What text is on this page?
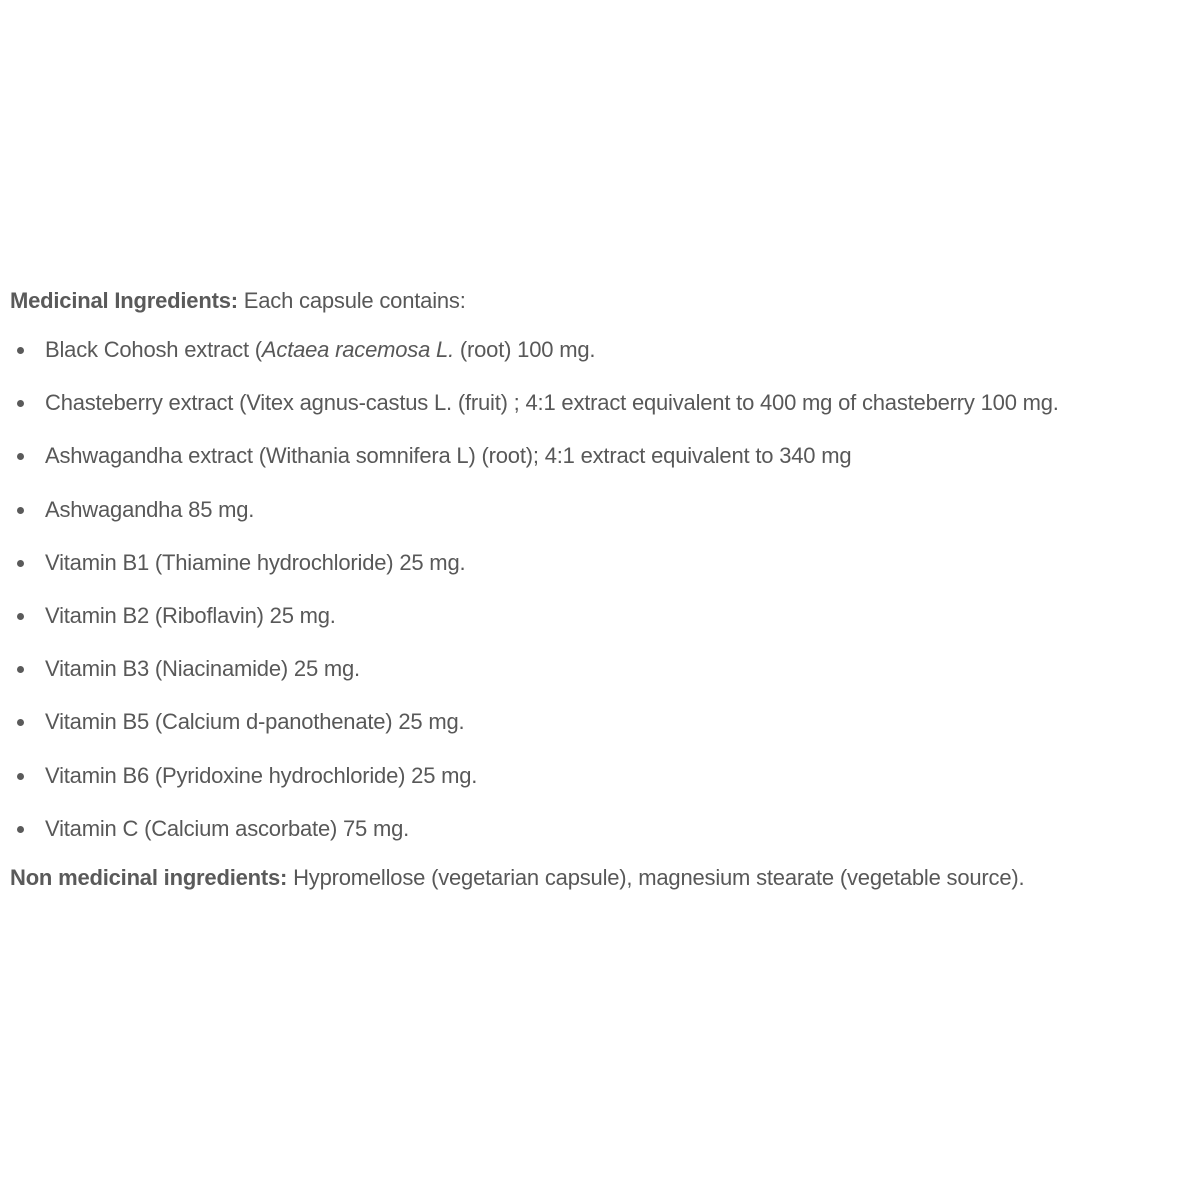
Medicinal Ingredients: Each capsule contains:

Black Cohosh extract (Actaea racemosa L. (root) 100 mg.
Chasteberry extract (Vitex agnus-castus L. (fruit) ; 4:1 extract equivalent to 400 mg of chasteberry 100 mg.
Ashwagandha extract (Withania somnifera L) (root); 4:1 extract equivalent to 340 mg
Ashwagandha 85 mg.
Vitamin B1 (Thiamine hydrochloride) 25 mg.
Vitamin B2 (Riboflavin) 25 mg.
Vitamin B3 (Niacinamide) 25 mg.
Vitamin B5 (Calcium d-panothenate) 25 mg.
Vitamin B6 (Pyridoxine hydrochloride) 25 mg.
Vitamin C (Calcium ascorbate) 75 mg.

Non medicinal ingredients: Hypromellose (vegetarian capsule), magnesium stearate (vegetable source).
